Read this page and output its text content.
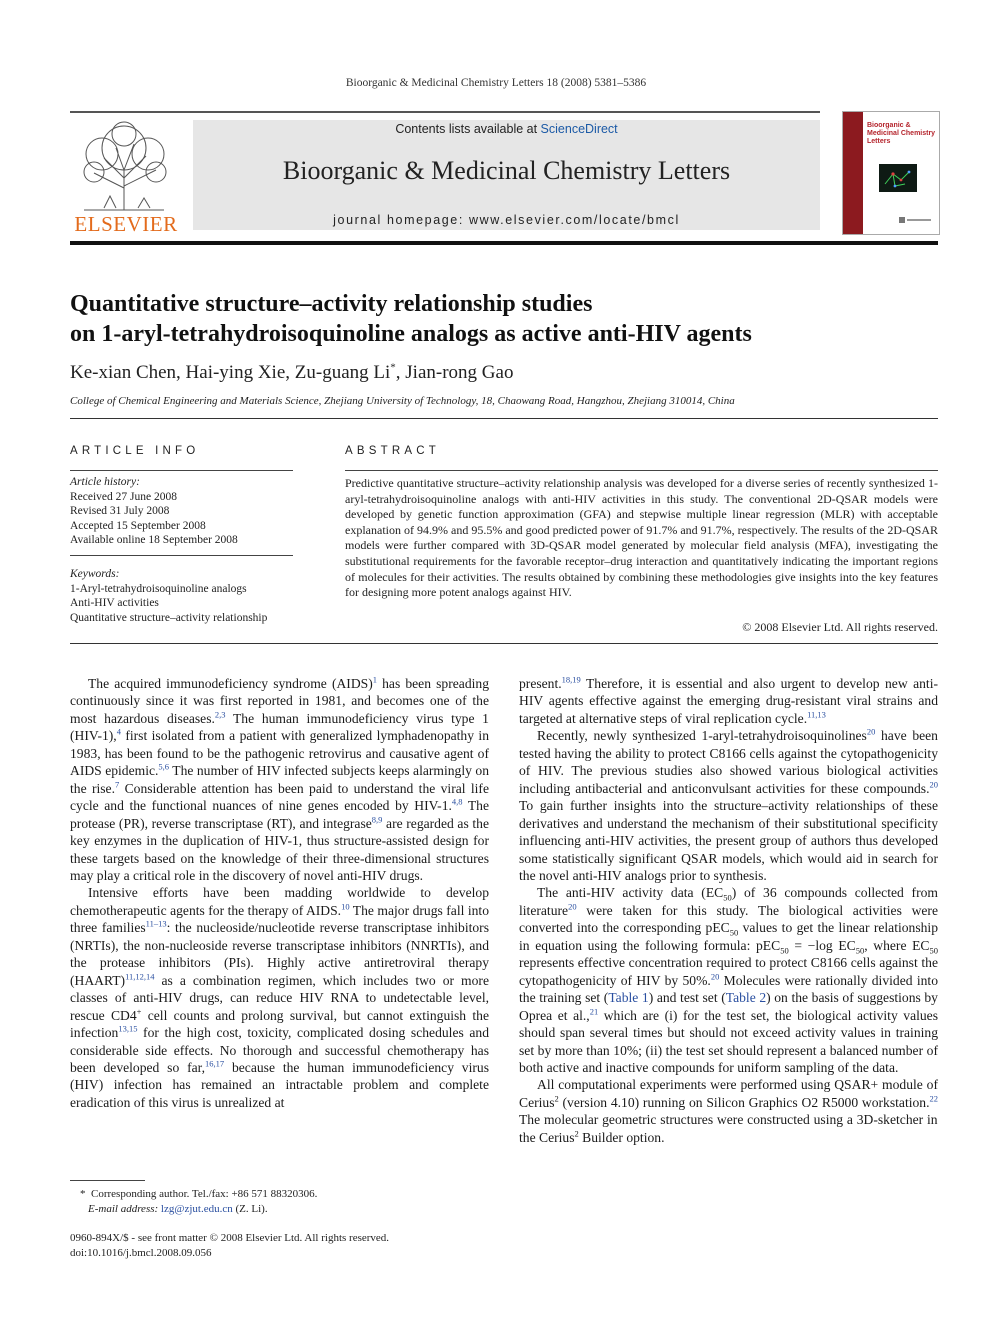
Bioorganic & Medicinal Chemistry Letters 18 (2008) 5381–5386
ELSEVIER
Contents lists available at ScienceDirect
Bioorganic & Medicinal Chemistry Letters
journal homepage: www.elsevier.com/locate/bmcl
Bioorganic & Medicinal Chemistry Letters
Quantitative structure–activity relationship studies
on 1-aryl-tetrahydroisoquinoline analogs as active anti-HIV agents
Ke-xian Chen, Hai-ying Xie, Zu-guang Li*, Jian-rong Gao
College of Chemical Engineering and Materials Science, Zhejiang University of Technology, 18, Chaowang Road, Hangzhou, Zhejiang 310014, China
ARTICLE INFO	ABSTRACT
Article history:
Received 27 June 2008
Revised 31 July 2008
Accepted 15 September 2008
Available online 18 September 2008
Keywords:
1-Aryl-tetrahydroisoquinoline analogs
Anti-HIV activities
Quantitative structure–activity relationship
Predictive quantitative structure–activity relationship analysis was developed for a diverse series of recently synthesized 1-aryl-tetrahydroisoquinoline analogs with anti-HIV activities in this study. The conventional 2D-QSAR models were developed by genetic function approximation (GFA) and stepwise multiple linear regression (MLR) with acceptable explanation of 94.9% and 95.5% and good predicted power of 91.7% and 91.7%, respectively. The results of the 2D-QSAR models were further compared with 3D-QSAR model generated by molecular field analysis (MFA), investigating the substitutional requirements for the favorable receptor–drug interaction and quantitatively indicating the important regions of molecules for their activities. The results obtained by combining these methodologies give insights into the key features for designing more potent analogs against HIV.
© 2008 Elsevier Ltd. All rights reserved.

The acquired immunodeficiency syndrome (AIDS)$^1$ has been spreading continuously since it was first reported in 1981, and becomes one of the most hazardous diseases.$^{2,3}$ The human immunodeficiency virus type 1 (HIV-1),$^4$ first isolated from a patient with generalized lymphadenopathy in 1983, has been found to be the pathogenic retrovirus and causative agent of AIDS epidemic.$^{5,6}$ The number of HIV infected subjects keeps alarmingly on the rise.$^7$ Considerable attention has been paid to understand the viral life cycle and the functional nuances of nine genes encoded by HIV-1.$^{4,8}$ The protease (PR), reverse transcriptase (RT), and integrase$^{8,9}$ are regarded as the key enzymes in the duplication of HIV-1, thus structure-assisted design for these targets based on the knowledge of their three-dimensional structures may play a critical role in the discovery of novel anti-HIV drugs.

Intensive efforts have been madding worldwide to develop chemotherapeutic agents for the therapy of AIDS.$^{10}$ The major drugs fall into three families$^{11-13}$: the nucleoside/nucleotide reverse transcriptase inhibitors (NRTIs), the non-nucleoside reverse transcriptase inhibitors (NNRTIs), and the protease inhibitors (PIs). Highly active antiretroviral therapy (HAART)$^{11,12,14}$ as a combination regimen, which includes two or more classes of anti-HIV drugs, can reduce HIV RNA to undetectable level, rescue CD4+ cell counts and prolong survival, but cannot extinguish the infection$^{13,15}$ for the high cost, toxicity, complicated dosing schedules and considerable side effects. No thorough and successful chemotherapy has been developed so far,$^{16,17}$ because the human immunodeficiency virus (HIV) infection has remained an intractable problem and complete eradication of this virus is unrealized at

present.$^{18,19}$ Therefore, it is essential and also urgent to develop new anti-HIV agents effective against the emerging drug-resistant viral strains and targeted at alternative steps of viral replication cycle.$^{11,13}$

Recently, newly synthesized 1-aryl-tetrahydroisoquinolines$^{20}$ have been tested having the ability to protect C8166 cells against the cytopathogenicity of HIV. The previous studies also showed various biological activities including antibacterial and anticonvulsant activities for these compounds.$^{20}$ To gain further insights into the structure–activity relationships of these derivatives and understand the mechanism of their substitutional specificity influencing anti-HIV activities, the present group of authors thus developed some statistically significant QSAR models, which would aid in search for the novel anti-HIV analogs prior to synthesis.

The anti-HIV activity data $(EC_{50})$ of 36 compounds collected from literature$^{20}$ were taken for this study. The biological activities were converted into the corresponding pEC$_{50}$ values to get the linear relationship in equation using the following formula: pEC$_{50}$ = −log $EC_{50}$, where $EC_{50}$ represents effective concentration required to protect C8166 cells against the cytopathogenicity of HIV by 50%.$^{20}$ Molecules were rationally divided into the training set (Table 1) and test set (Table 2) on the basis of suggestions by Oprea et al.,$^{21}$ which are (i) for the test set, the biological activity values should span several times but should not exceed activity values in training set by more than 10%; (ii) the test set should represent a balanced number of both active and inactive compounds for uniform sampling of the data.

All computational experiments were performed using QSAR+ module of Cerius$^2$ (version 4.10) running on Silicon Graphics O2 R5000 workstation.$^{22}$ The molecular geometric structures were constructed using a 3D-sketcher in the Cerius$^2$ Builder option.

* Corresponding author. Tel./fax: +86 571 88320306.
E-mail address: lzg@zjut.edu.cn (Z. Li).
0960-894X/$ - see front matter © 2008 Elsevier Ltd. All rights reserved.
doi:10.1016/j.bmcl.2008.09.056
